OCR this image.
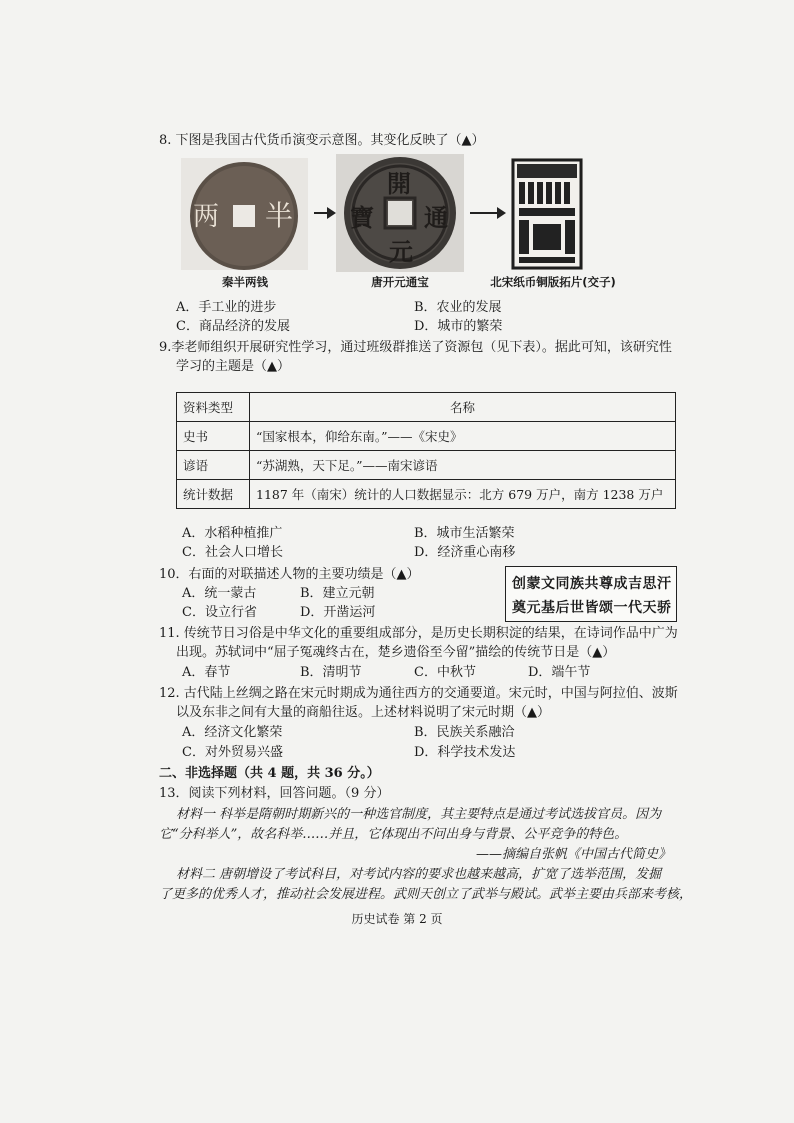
8. 下图是我国古代货币演变示意图。其变化反映了（▲）
两 半
秦半两钱
開
元
寶 通
唐开元通宝	北宋纸币铜版拓片(交子)
A．手工业的进步	B．农业的发展
C．商品经济的发展	D．城市的繁荣
9.李老师组织开展研究性学习，通过班级群推送了资源包（见下表）。据此可知，该研究性
学习的主题是（▲）
资料类型	名称
史书	“国家根本，仰给东南。”——《宋史》
谚语	“苏湖熟，天下足。”——南宋谚语
统计数据	1187 年（南宋）统计的人口数据显示：北方 679 万户，南方 1238 万户
A．水稻种植推广	B．城市生活繁荣
C．社会人口增长	D．经济重心南移
10．右面的对联描述人物的主要功绩是（▲）
A．统一蒙古	B．建立元朝
C．设立行省	D．开凿运河
创蒙文同族共尊成吉思汗
奠元基后世皆颂一代天骄
11. 传统节日习俗是中华文化的重要组成部分，是历史长期积淀的结果，在诗词作品中广为
出现。苏轼词中“屈子冤魂终古在，楚乡遗俗至今留”描绘的传统节日是（▲）
A．春节	B．清明节	C．中秋节	D．端午节
12. 古代陆上丝绸之路在宋元时期成为通往西方的交通要道。宋元时，中国与阿拉伯、波斯
以及东非之间有大量的商船往返。上述材料说明了宋元时期（▲）
A．经济文化繁荣	B．民族关系融洽
C．对外贸易兴盛	D．科学技术发达
二、非选择题（共 4 题，共 36 分。）
13．阅读下列材料，回答问题。（9 分）
材料一 科举是隋朝时期新兴的一种选官制度，其主要特点是通过考试选拔官员。因为
它“分科举人”，故名科举……并且，它体现出不问出身与背景、公平竞争的特色。
——摘编自张帆《中国古代简史》
材料二 唐朝增设了考试科目，对考试内容的要求也越来越高，扩宽了选举范围，发掘
了更多的优秀人才，推动社会发展进程。武则天创立了武举与殿试。武举主要由兵部来考核，
历史试卷 第 2 页
